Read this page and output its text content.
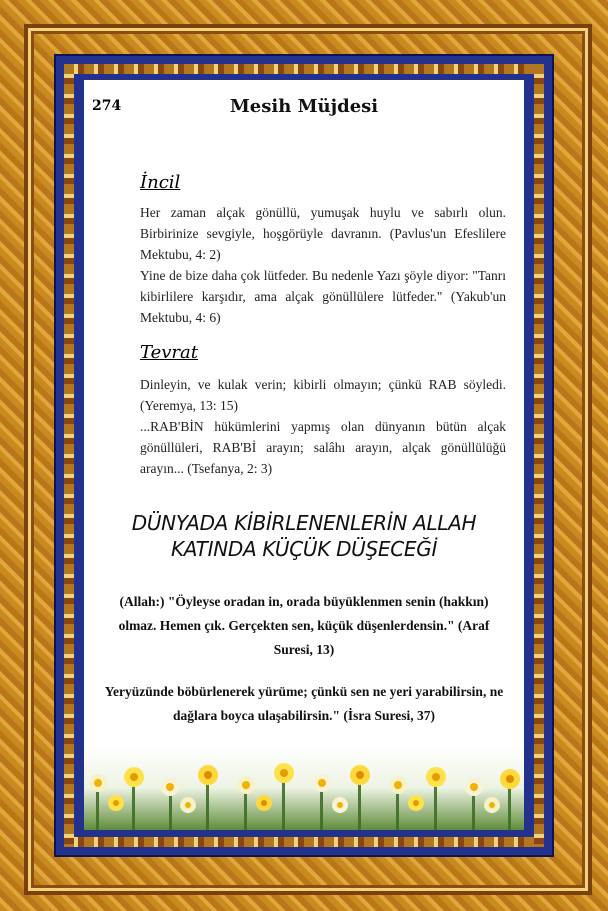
274	Mesih Müjdesi
İncil

Her zaman alçak gönüllü, yumuşak huylu ve sabırlı olun. Birbirinize sevgiyle, hoşgörüyle davranın. (Pavlus'un Efeslilere Mektubu, 4: 2)

Yine de bize daha çok lütfeder. Bu nedenle Yazı şöyle diyor: "Tanrı kibirlilere karşıdır, ama alçak gönüllülere lütfeder." (Yakub'un Mektubu, 4: 6)

Tevrat

Dinleyin, ve kulak verin; kibirli olmayın; çünkü RAB söyledi. (Yeremya, 13: 15)

...RAB'BİN hükümlerini yapmış olan dünyanın bütün alçak gönüllüleri, RAB'Bİ arayın; salâhı arayın, alçak gönüllülüğü arayın... (Tsefanya, 2: 3)

DÜNYADA KİBİRLENENLERİN ALLAH
KATINDA KÜÇÜK DÜŞECEĞİ

(Allah:) "Öyleyse oradan in, orada büyüklenmen senin (hakkın) olmaz. Hemen çık. Gerçekten sen, küçük düşenlerdensin." (Araf Suresi, 13)

Yeryüzünde böbürlenerek yürüme; çünkü sen ne yeri yarabilirsin, ne dağlara boyca ulaşabilirsin." (İsra Suresi, 37)
